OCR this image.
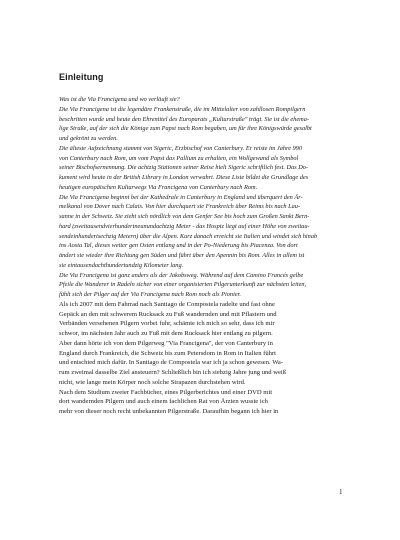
Einleitung
Was ist die Via Francigena und wo verläuft sie?
Die Via Francigena ist die legendäre Frankenstraße, die im Mittelalter von zahllosen Rompilgern
beschritten wurde und heute den Ehrentitel des Europarats „Kulturstraße" trägt. Sie ist die ehema-
lige Straße, auf der sich die Könige zum Papst nach Rom begaben, um für ihre Königswürde gesalbt
und gekrönt zu werden.
Die älteste Aufzeichnung stammt von Sigeric, Erzbischof von Canterbury. Er reiste im Jahre 990
von Canterbury nach Rom, um vom Papst das Pallium zu erhalten, ein Wollgewand als Symbol
seiner Bischofsernennung. Die achtzig Stationen seiner Reise hielt Sigeric schriftlich fest. Das Do-
kument wird heute in der British Library in London verwahrt. Diese Liste bildet die Grundlage des
heutigen europäischen Kulturwegs Via Francigena von Canterbury nach Rom.
Die Via Francigena beginnt bei der Kathedrale in Canterbury in England und überquert den Är-
melkanal von Dover nach Calais. Von hier durchquert sie Frankreich über Reims bis nach Lau-
sanne in der Schweiz. Sie zieht sich nördlich von dem Genfer See bis hoch zum Großen Sankt Bern-
hard (zweitausendvierhundertneunundachtzig Meter - das Hospiz liegt auf einer Höhe von zweitau-
sendeinhundertsechzig Metern) über die Alpen. Kurz danach erreicht sie Italien und windet sich hinab
ins Aosta Tal, dieses weiter gen Osten entlang und in der Po-Niederung bis Piacenza. Von dort
ändert sie wieder ihre Richtung gen Süden und führt über den Apennin bis Rom. Alles in allem ist
sie eintausendachthundertundzig Kilometer lang.
Die Via Francigena ist ganz anders als der Jakobsweg. Während auf dem Camino Francés gelbe
Pfeile die Wanderer in Radeln sicher von einer organisierten Pilgerunterkunft zur nächsten leiten,
fühlt sich der Pilger auf der Via Francigena nach Rom noch als Pionier.
Als ich 2007 mit dem Fahrrad nach Santiago de Compostela radelte und fast ohne
Gepäck an den mit schwerem Rucksack zu Fuß wandernden und mit Pflastern und
Verbänden versehenen Pilgern vorbei fuhr, schämte ich mich so sehr, dass ich mir
schwor, im nächsten Jahr auch zu Fuß mit dem Rucksack hier entlang zu pilgern.
Aber dann hörte ich von dem Pilgerweg "Via Francigena", der von Canterbury in
England durch Frankreich, die Schweiz bis zum Petersdom in Rom in Italien führt
und entschied mich dafür. In Santiago de Compostela war ich ja schon gewesen. Wa-
rum zweimal dasselbe Ziel ansteuern? Schließlich bin ich siebzig Jahre jung und weiß
nicht, wie lange mein Körper noch solche Strapazen durchstehen wird.
Nach dem Studium zweier Fachbücher, eines Pilgerberichtes und einer DVD mit
dort wandernden Pilgern und auch einem fachlichen Rat von Ärzten wusste ich
mehr von dieser noch recht unbekannten Pilgerstraße. Daraufhin begann ich hier in
1
